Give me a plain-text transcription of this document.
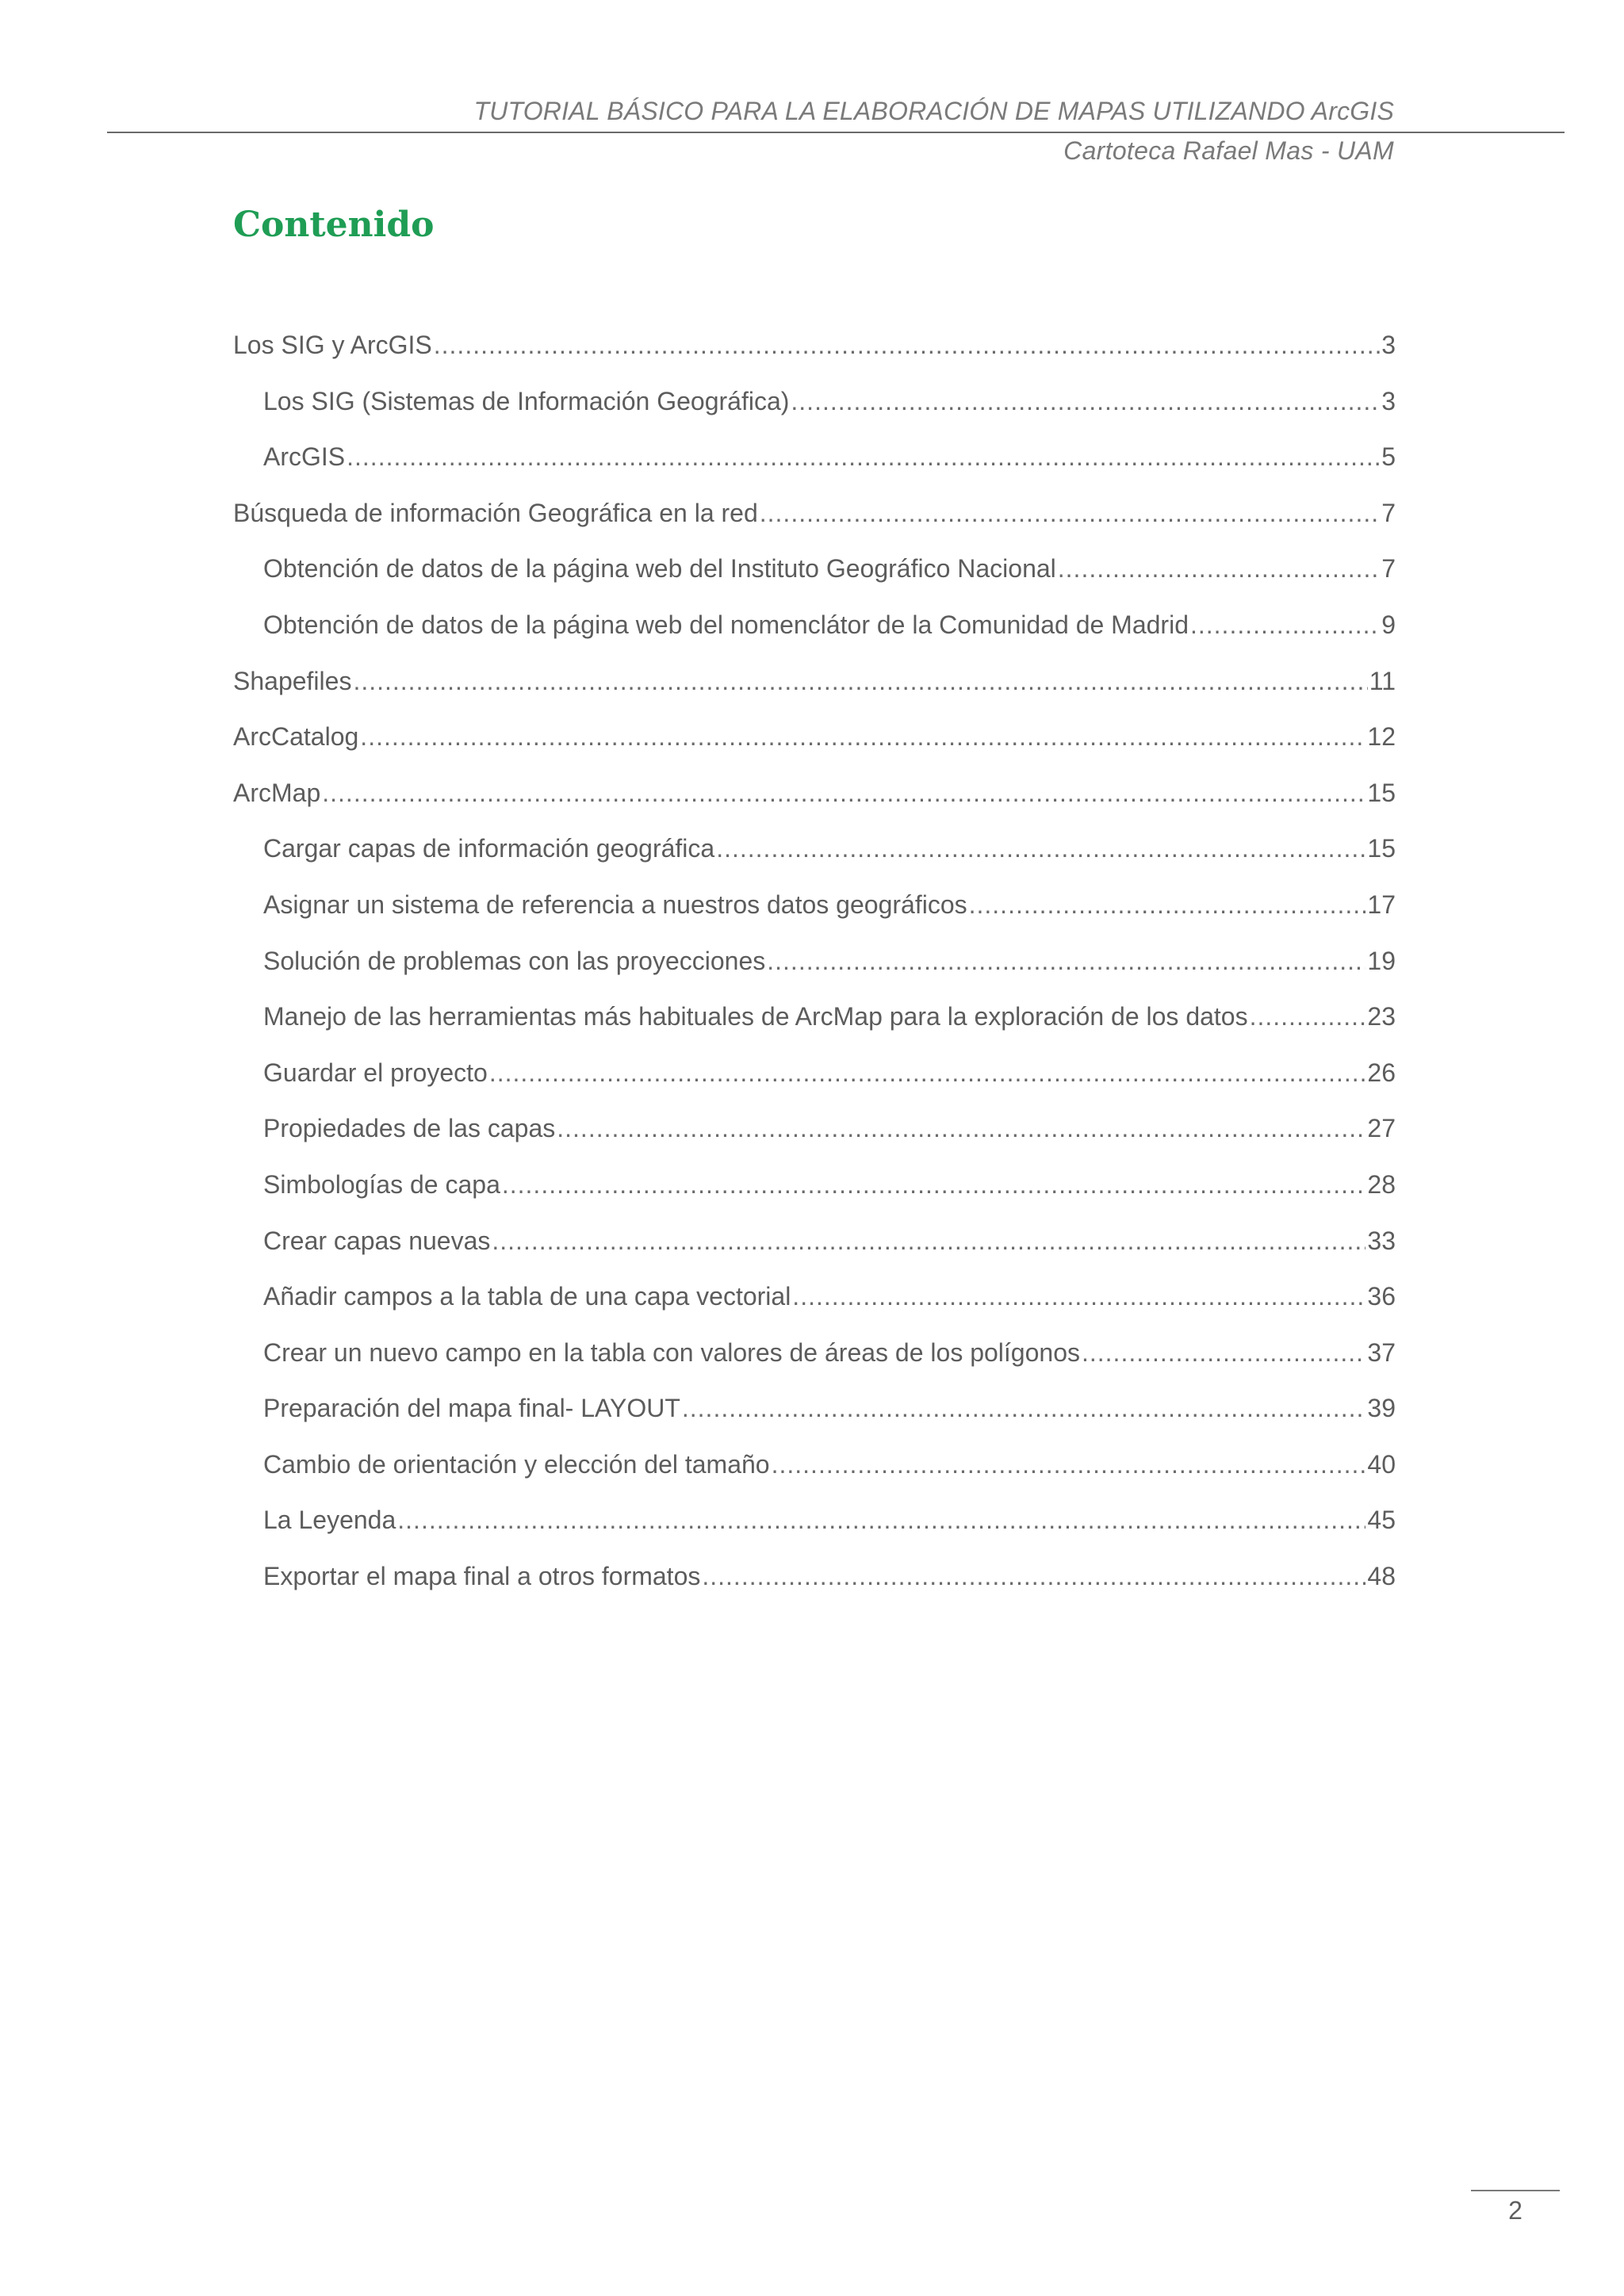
TUTORIAL BÁSICO PARA LA ELABORACIÓN DE MAPAS UTILIZANDO ArcGIS
Cartoteca Rafael Mas - UAM
Contenido
Los SIG y ArcGIS .....	3
Los SIG (Sistemas de Información Geográfica) .....	3
ArcGIS .....	5
Búsqueda de información Geográfica en la red .....	7
Obtención de datos de la página web del Instituto Geográfico Nacional .....	7
Obtención de datos de la página web del nomenclátor de la Comunidad de Madrid .....	9
Shapefiles .....	11
ArcCatalog .....	12
ArcMap .....	15
Cargar capas de información geográfica .....	15
Asignar un sistema de referencia a nuestros datos geográficos .....	17
Solución de problemas con las proyecciones .....	19
Manejo de las herramientas más habituales de ArcMap para la exploración de los datos .....	23
Guardar el proyecto .....	26
Propiedades de las capas .....	27
Simbologías de capa .....	28
Crear capas nuevas .....	33
Añadir campos a la tabla de una capa vectorial .....	36
Crear un nuevo campo en la tabla con valores de áreas de los polígonos .....	37
Preparación del mapa final- LAYOUT .....	39
Cambio de orientación y elección del tamaño .....	40
La Leyenda .....	45
Exportar el mapa final a otros formatos .....	48
2
